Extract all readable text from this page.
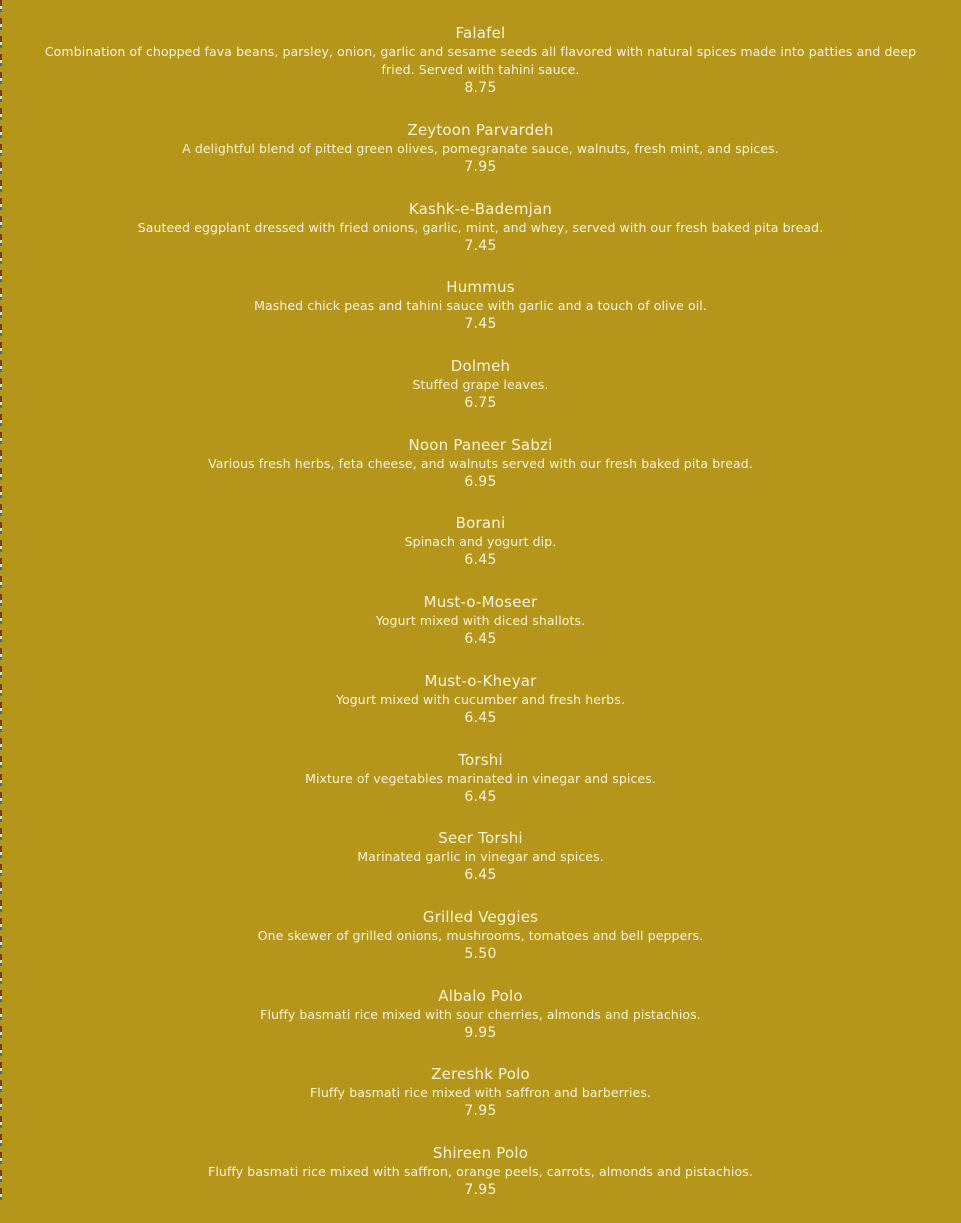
Falafel
Combination of chopped fava beans, parsley, onion, garlic and sesame seeds all flavored with natural spices made into patties and deep fried. Served with tahini sauce.
8.75
Zeytoon Parvardeh
A delightful blend of pitted green olives, pomegranate sauce, walnuts, fresh mint, and spices.
7.95
Kashk-e-Bademjan
Sauteed eggplant dressed with fried onions, garlic, mint, and whey, served with our fresh baked pita bread.
7.45
Hummus
Mashed chick peas and tahini sauce with garlic and a touch of olive oil.
7.45
Dolmeh
Stuffed grape leaves.
6.75
Noon Paneer Sabzi
Various fresh herbs, feta cheese, and walnuts served with our fresh baked pita bread.
6.95
Borani
Spinach and yogurt dip.
6.45
Must-o-Moseer
Yogurt mixed with diced shallots.
6.45
Must-o-Kheyar
Yogurt mixed with cucumber and fresh herbs.
6.45
Torshi
Mixture of vegetables marinated in vinegar and spices.
6.45
Seer Torshi
Marinated garlic in vinegar and spices.
6.45
Grilled Veggies
One skewer of grilled onions, mushrooms, tomatoes and bell peppers.
5.50
Albalo Polo
Fluffy basmati rice mixed with sour cherries, almonds and pistachios.
9.95
Zereshk Polo
Fluffy basmati rice mixed with saffron and barberries.
7.95
Shireen Polo
Fluffy basmati rice mixed with saffron, orange peels, carrots, almonds and pistachios.
7.95
